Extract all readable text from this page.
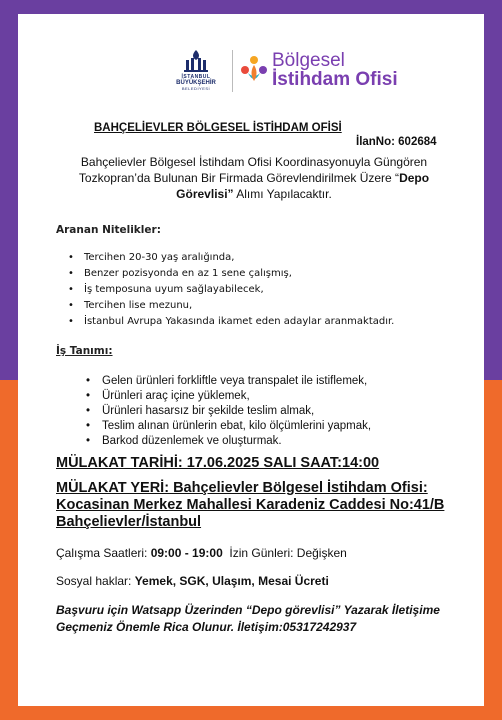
İSTANBUL
BÜYÜKŞEHİR
BELEDİYESİ
Bölgesel
İstihdam Ofisi
BAHÇELİEVLER BÖLGESEL İSTİHDAM OFİSİ
İlanNo: 602684
Bahçelievler Bölgesel İstihdam Ofisi Koordinasyonuyla Güngören Tozkopran’da Bulunan Bir Firmada Görevlendirilmek Üzere “Depo Görevlisi” Alımı Yapılacaktır.
Aranan Nitelikler:
• Tercihen 20-30 yaş aralığında,
• Benzer pozisyonda en az 1 sene çalışmış,
• İş temposuna uyum sağlayabilecek,
• Tercihen lise mezunu,
• İstanbul Avrupa Yakasında ikamet eden adaylar aranmaktadır.
İş Tanımı:
• Gelen ürünleri forkliftle veya transpalet ile istiflemek,
• Ürünleri araç içine yüklemek,
• Ürünleri hasarsız bir şekilde teslim almak,
• Teslim alınan ürünlerin ebat, kilo ölçümlerini yapmak,
• Barkod düzenlemek ve oluşturmak.
MÜLAKAT TARİHİ: 17.06.2025 SALI SAAT:14:00
MÜLAKAT YERİ: Bahçelievler Bölgesel İstihdam Ofisi: Kocasinan Merkez Mahallesi Karadeniz Caddesi No:41/B Bahçelievler/İstanbul
Çalışma Saatleri: 09:00 - 19:00  İzin Günleri: Değişken
Sosyal haklar: Yemek, SGK, Ulaşım, Mesai Ücreti
Başvuru için Watsapp Üzerinden “Depo görevlisi” Yazarak İletişime Geçmeniz Önemle Rica Olunur. İletişim:05317242937
